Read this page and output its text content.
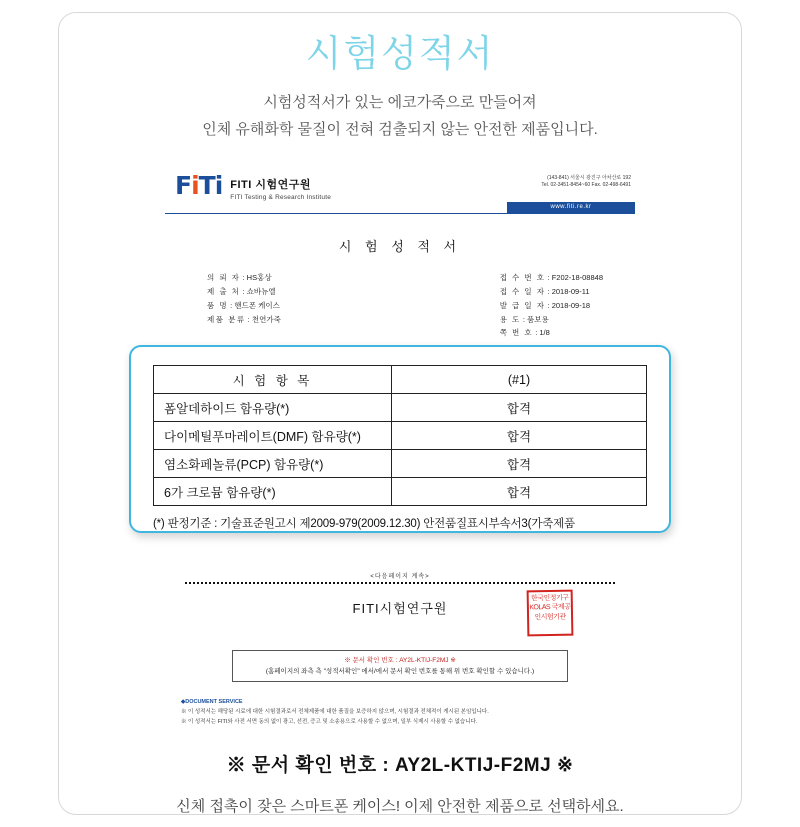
시험성적서

시험성적서가 있는 에코가죽으로 만들어져
인체 유해화학 물질이 전혀 검출되지 않는 안전한 제품입니다.

FiTi FITI 시험연구원
FITI Testing & Research Institute
(143-841) 서울시 광진구 아차산로 192
Tel. 02-3451-8454~60 Fax. 02-498-6491
www.fiti.re.kr
시 험 성 적 서
의 뢰 자 : HS홍상
제 출 처 : 쇼바뉴엘
품 명 : 핸드폰 케이스
제품 분류 : 천연가죽
접 수 번 호 : F202-18-08848
접 수 일 자 : 2018-09-11
발 급 일 자 : 2018-09-18
용 도 : 품보용
쪽 번 호 : 1/8
<다음페이지 계속>
FITI시험연구원
한국인정기구 KOLAS 국제공인시험기관
※ 문서 확인 번호 : AY2L-KTIJ-F2MJ ※
(홈페이지의 좌측 측 "성적서확인" 에서/에서 문서 확인 번호를 통해 위 번호 확인할 수 있습니다.)
◆DOCUMENT SERVICE
※ 이 성적서는 해당된 시료에 대한 시험결과로서 전체제품에 대한 품질을 보증하지 않으며, 시험결과 전체적이 게시된 본임입니다.
※ 이 성적서는 FITI와 사전 서면 동의 없이 광고, 선전, 증고 및 소송용으로 사용할 수 없으며, 일부 식제시 사용할 수 없습니다.
※ 문서 확인 번호 : AY2L-KTIJ-F2MJ ※
신체 접촉이 잦은 스마트폰 케이스! 이제 안전한 제품으로 선택하세요.
시 험 항 목	(#1)
폼알데하이드 함유량(*)	합격
다이메틸푸마레이트(DMF) 함유량(*)	합격
염소화페놀류(PCP) 함유량(*)	합격
6가 크로뮴 함유량(*)	합격
(*) 판정기준 : 기술표준원고시 제2009-979(2009.12.30) 안전품질표시부속서3(가죽제품
